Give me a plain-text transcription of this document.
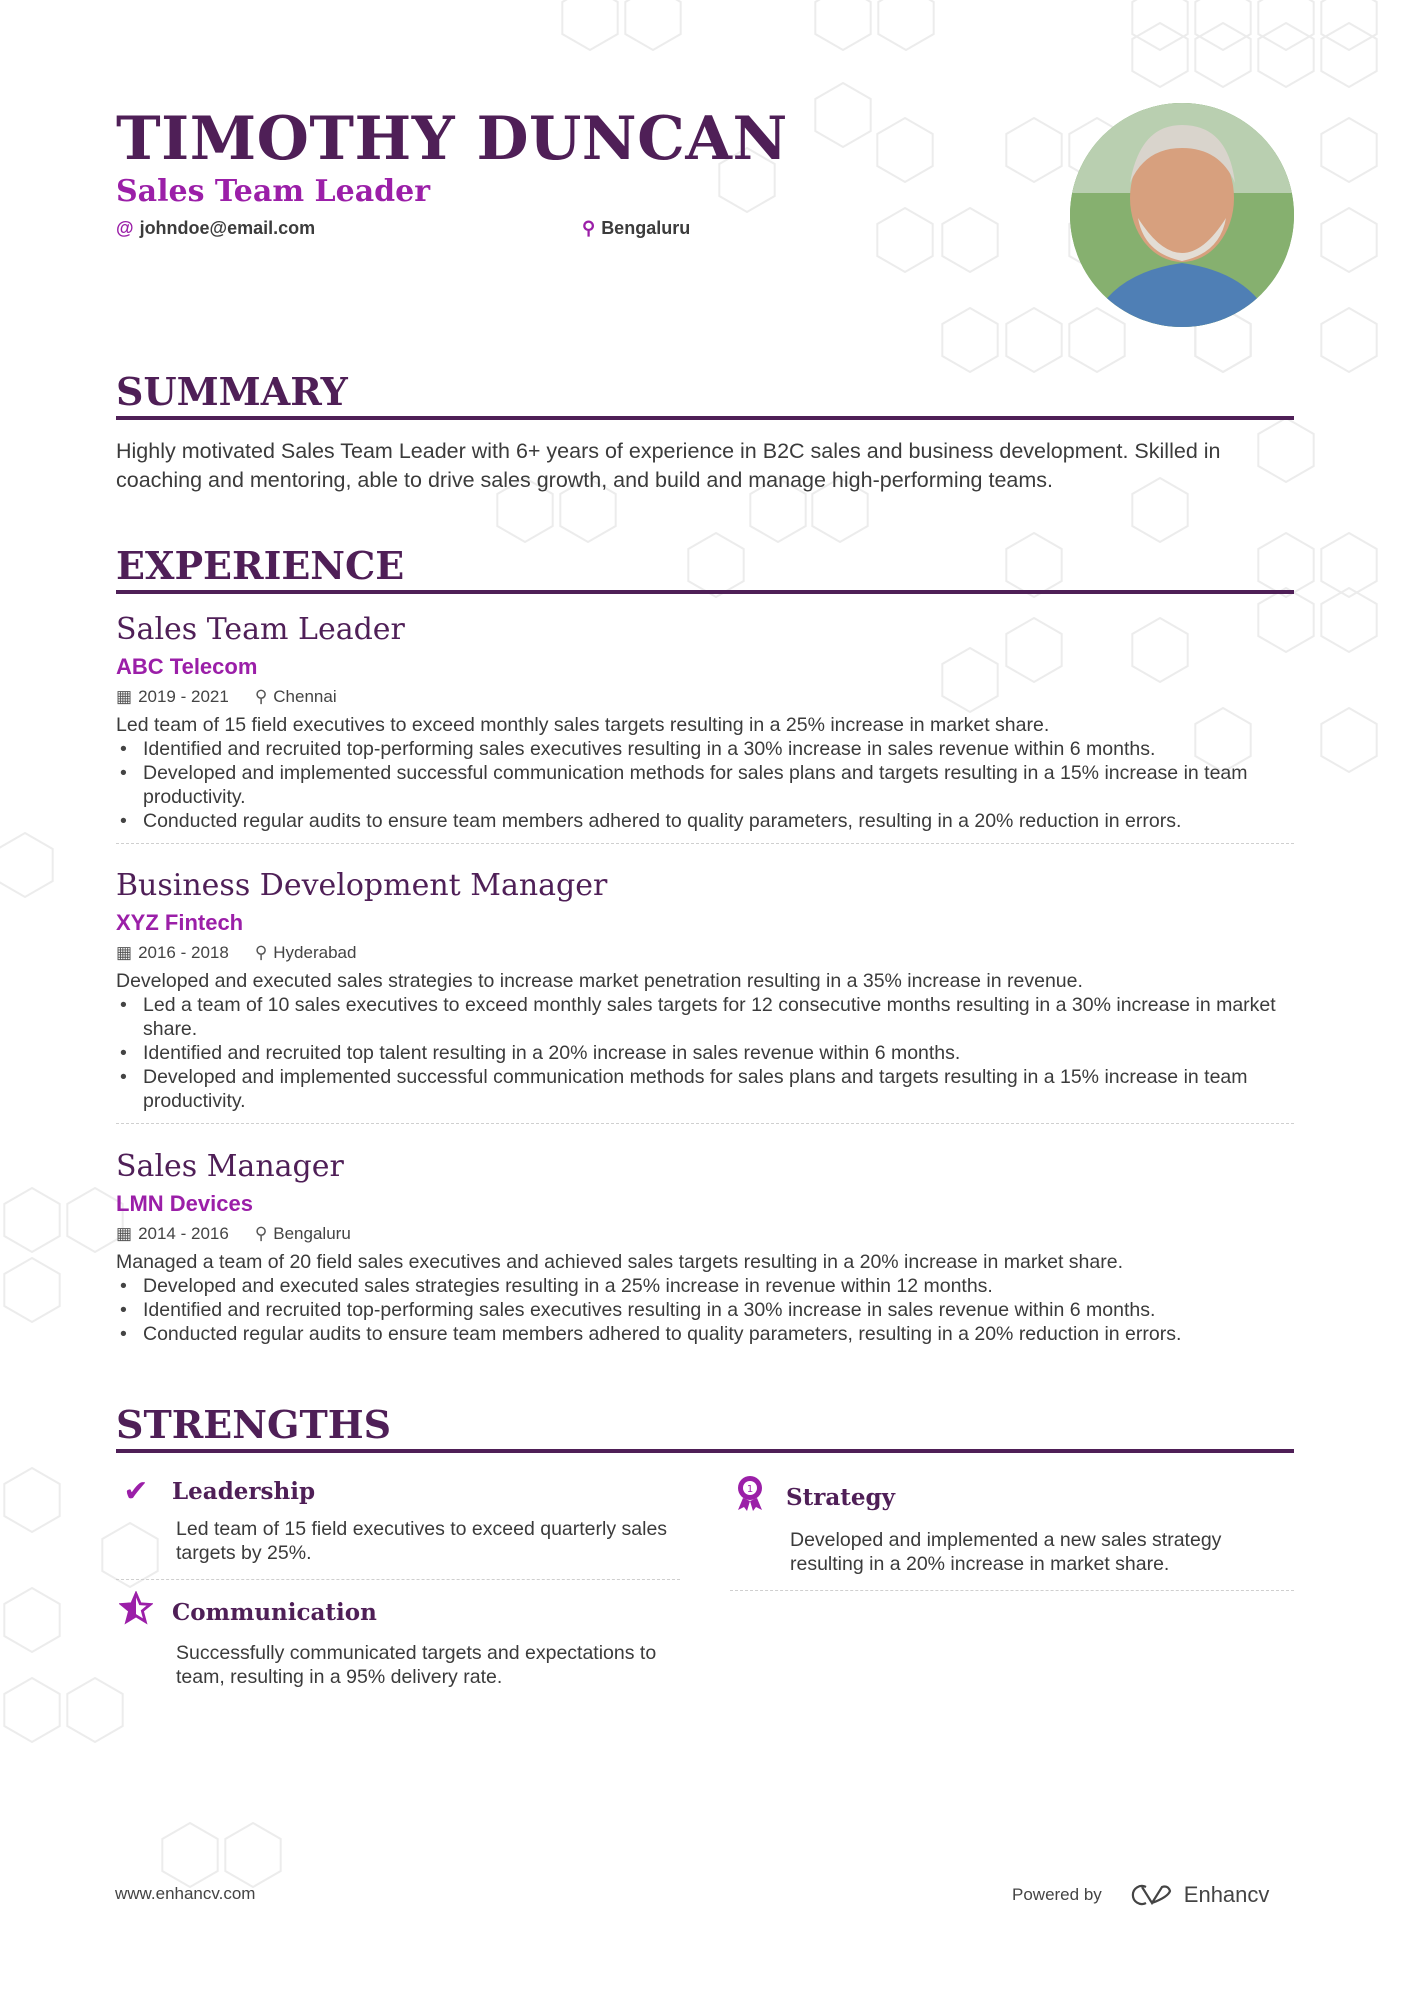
TIMOTHY DUNCAN
Sales Team Leader
@ johndoe@email.com	⚲ Bengaluru
SUMMARY
Highly motivated Sales Team Leader with 6+ years of experience in B2C sales and business development. Skilled in coaching and mentoring, able to drive sales growth, and build and manage high-performing teams.
EXPERIENCE
Sales Team Leader
ABC Telecom
▦ 2019 - 2021 ⚲ Chennai
Led team of 15 field executives to exceed monthly sales targets resulting in a 25% increase in market share.
• Identified and recruited top-performing sales executives resulting in a 30% increase in sales revenue within 6 months.
• Developed and implemented successful communication methods for sales plans and targets resulting in a 15% increase in team productivity.
• Conducted regular audits to ensure team members adhered to quality parameters, resulting in a 20% reduction in errors.
Business Development Manager
XYZ Fintech
▦ 2016 - 2018 ⚲ Hyderabad
Developed and executed sales strategies to increase market penetration resulting in a 35% increase in revenue.
• Led a team of 10 sales executives to exceed monthly sales targets for 12 consecutive months resulting in a 30% increase in market share.
• Identified and recruited top talent resulting in a 20% increase in sales revenue within 6 months.
• Developed and implemented successful communication methods for sales plans and targets resulting in a 15% increase in team productivity.
Sales Manager
LMN Devices
▦ 2014 - 2016 ⚲ Bengaluru
Managed a team of 20 field sales executives and achieved sales targets resulting in a 20% increase in market share.
• Developed and executed sales strategies resulting in a 25% increase in revenue within 12 months.
• Identified and recruited top-performing sales executives resulting in a 30% increase in sales revenue within 6 months.
• Conducted regular audits to ensure team members adhered to quality parameters, resulting in a 20% reduction in errors.
STRENGTHS
✔	Leadership
Led team of 15 field executives to exceed quarterly sales targets by 25%.
1 Strategy
Developed and implemented a new sales strategy resulting in a 20% increase in market share.
Communication
Successfully communicated targets and expectations to team, resulting in a 95% delivery rate.
www.enhancv.com	Powered by	Enhancv
